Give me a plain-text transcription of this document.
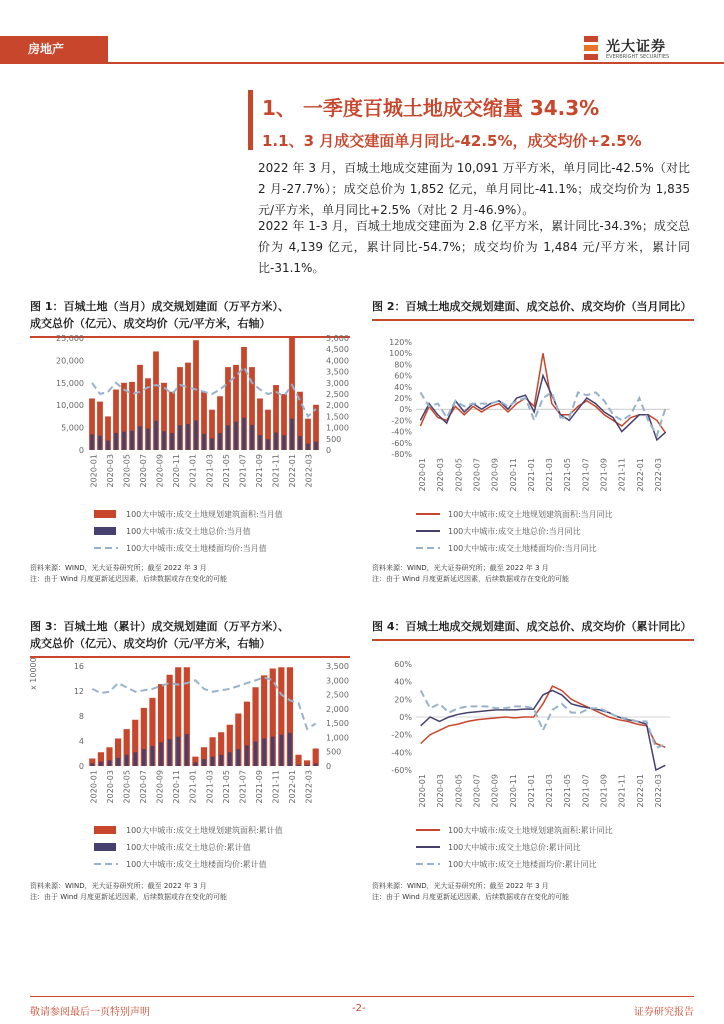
房地产	光大证券
EVERBRIGHT SECURITIES
1、 一季度百城土地成交缩量 34.3%
1.1、3 月成交建面单月同比-42.5%，成交均价+2.5%
2022 年 3 月，百城土地成交建面为 10,091 万平方米，单月同比-42.5%（对比 2 月-27.7%）；成交总价为 1,852 亿元，单月同比-41.1%；成交均价为 1,835 元/平方米，单月同比+2.5%（对比 2 月-46.9%）。
2022 年 1-3 月，百城土地成交建面为 2.8 亿平方米，累计同比-34.3%；成交总价为 4,139 亿元，累计同比-54.7%；成交均价为 1,484 元/平方米，累计同比-31.1%。
图 1：百城土地（当月）成交规划建面（万平方米）、
成交总价（亿元）、成交均价（元/平方米，右轴）
0
5,000
10,000
15,000
20,000
25,000
0
500
1,000
1,500
2,000
2,500
3,000
3,500
4,000
4,500
5,000
2020-01 2020-03 2020-05 2020-07 2020-09 2020-11 2021-01 2021-03 2021-05 2021-07 2021-09 2021-11 2022-01 2022-03
100大中城市:成交土地规划建筑面积:当月值
100大中城市:成交土地总价:当月值
100大中城市:成交土地楼面均价:当月值
资料来源：WIND，光大证券研究所；截至 2022 年 3 月
注：由于 Wind 月度更新延迟因素，后续数据或存在变化的可能
图 2：百城土地成交规划建面、成交总价、成交均价（当月同比）
-80%
-60%
-40%
-20%
0%
20%
40%
60%
80%
100%
120%
2020-01 2020-03 2020-05 2020-07 2020-09 2020-11 2021-01 2021-03 2021-05 2021-07 2021-09 2021-11 2022-01 2022-03
100大中城市:成交土地规划建筑面积:当月同比
100大中城市:成交土地总价:当月同比
100大中城市:成交土地楼面均价:当月同比
资料来源：WIND，光大证券研究所；截至 2022 年 3 月
注：由于 Wind 月度更新延迟因素，后续数据或存在变化的可能
图 3：百城土地（累计）成交规划建面（万平方米）、
成交总价（亿元）、成交均价（元/平方米，右轴）
0
4
8
12
16
x 10000
0
500
1,000
1,500
2,000
2,500
3,000
3,500
2020-01 2020-03 2020-05 2020-07 2020-09 2020-11 2021-01 2021-03 2021-05 2021-07 2021-09 2021-11 2022-01 2022-03
100大中城市:成交土地规划建筑面积:累计值
100大中城市:成交土地总价:累计值
100大中城市:成交土地楼面均价:累计值
资料来源：WIND，光大证券研究所；截至 2022 年 3 月
注：由于 Wind 月度更新延迟因素，后续数据或存在变化的可能
图 4：百城土地成交规划建面、成交总价、成交均价（累计同比）
-60%
-40%
-20%
0%
20%
40%
60%
2020-01 2020-03 2020-05 2020-07 2020-09 2020-11 2021-01 2021-03 2021-05 2021-07 2021-09 2021-11 2022-01 2022-03
100大中城市:成交土地规划建筑面积:累计同比
100大中城市:成交土地总价:累计同比
100大中城市:成交土地楼面均价:累计同比
资料来源：WIND，光大证券研究所；截至 2022 年 3 月
注：由于 Wind 月度更新延迟因素，后续数据或存在变化的可能
敬请参阅最后一页特别声明	-2-	证券研究报告
